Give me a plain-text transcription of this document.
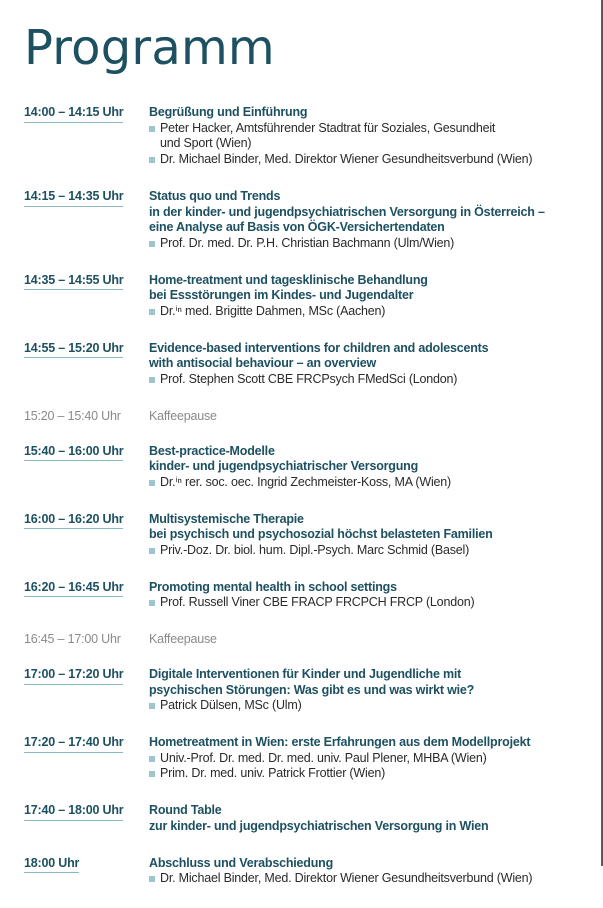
Programm
14:00 – 14:15 Uhr Begrüßung und Einführung
Peter Hacker, Amtsführender Stadtrat für Soziales, Gesundheit
und Sport (Wien)
Dr. Michael Binder, Med. Direktor Wiener Gesundheitsverbund (Wien)
14:15 – 14:35 Uhr Status quo und Trends
in der kinder- und jugendpsychiatrischen Versorgung in Österreich –
eine Analyse auf Basis von ÖGK-Versichertendaten
Prof. Dr. med. Dr. P.H. Christian Bachmann (Ulm/Wien)
14:35 – 14:55 Uhr Home-treatment und tagesklinische Behandlung
bei Essstörungen im Kindes- und Jugendalter
Dr.ⁱⁿ med. Brigitte Dahmen, MSc (Aachen)
14:55 – 15:20 Uhr Evidence-based interventions for children and adolescents
with antisocial behaviour – an overview
Prof. Stephen Scott CBE FRCPsych FMedSci (London)
15:20 – 15:40 Uhr Kaffeepause
15:40 – 16:00 Uhr Best-practice-Modelle
kinder- und jugendpsychiatrischer Versorgung
Dr.ⁱⁿ rer. soc. oec. Ingrid Zechmeister-Koss, MA (Wien)
16:00 – 16:20 Uhr Multisystemische Therapie
bei psychisch und psychosozial höchst belasteten Familien
Priv.-Doz. Dr. biol. hum. Dipl.-Psych. Marc Schmid (Basel)
16:20 – 16:45 Uhr Promoting mental health in school settings
Prof. Russell Viner CBE FRACP FRCPCH FRCP (London)
16:45 – 17:00 Uhr Kaffeepause
17:00 – 17:20 Uhr Digitale Interventionen für Kinder und Jugendliche mit
psychischen Störungen: Was gibt es und was wirkt wie?
Patrick Dülsen, MSc (Ulm)
17:20 – 17:40 Uhr Hometreatment in Wien: erste Erfahrungen aus dem Modellprojekt
Univ.-Prof. Dr. med. Dr. med. univ. Paul Plener, MHBA (Wien)
Prim. Dr. med. univ. Patrick Frottier (Wien)
17:40 – 18:00 Uhr Round Table
zur kinder- und jugendpsychiatrischen Versorgung in Wien
18:00 Uhr	Abschluss und Verabschiedung
Dr. Michael Binder, Med. Direktor Wiener Gesundheitsverbund (Wien)
